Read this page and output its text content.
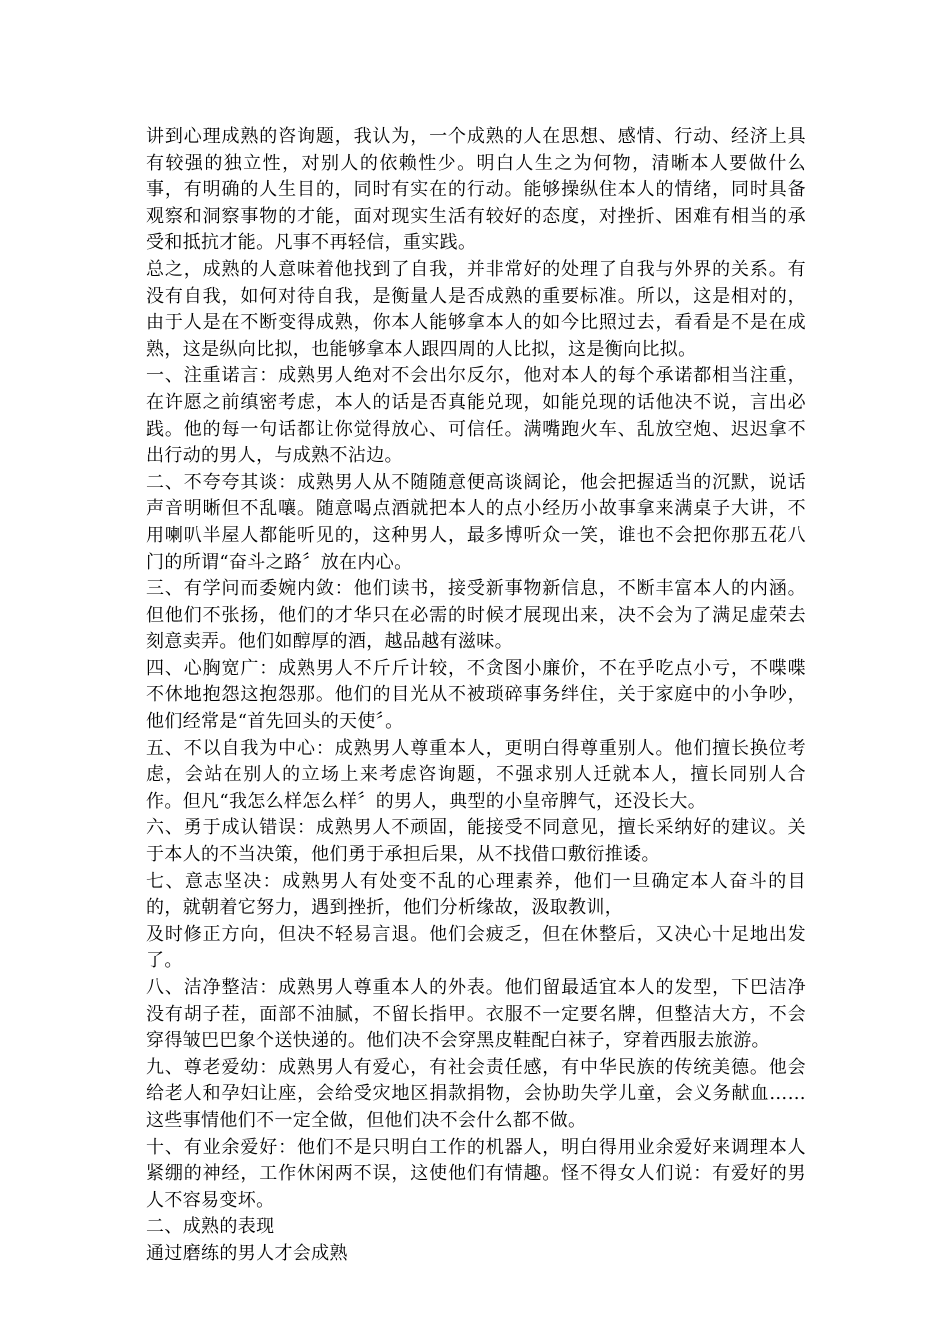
讲到心理成熟的咨询题，我认为，一个成熟的人在思想、感情、行动、经济上具有较强的独立性，对别人的依赖性少。明白人生之为何物，清晰本人要做什么事，有明确的人生目的，同时有实在的行动。能够操纵住本人的情绪，同时具备观察和洞察事物的才能，面对现实生活有较好的态度，对挫折、困难有相当的承受和抵抗才能。凡事不再轻信，重实践。

总之，成熟的人意味着他找到了自我，并非常好的处理了自我与外界的关系。有没有自我，如何对待自我，是衡量人是否成熟的重要标准。所以，这是相对的，由于人是在不断变得成熟，你本人能够拿本人的如今比照过去，看看是不是在成熟，这是纵向比拟，也能够拿本人跟四周的人比拟，这是衡向比拟。

一、注重诺言：成熟男人绝对不会出尔反尔，他对本人的每个承诺都相当注重，在许愿之前缜密考虑，本人的话是否真能兑现，如能兑现的话他决不说，言出必践。他的每一句话都让你觉得放心、可信任。满嘴跑火车、乱放空炮、迟迟拿不出行动的男人，与成熟不沾边。

二、不夸夸其谈：成熟男人从不随随意便高谈阔论，他会把握适当的沉默，说话声音明晰但不乱嚷。随意喝点酒就把本人的点小经历小故事拿来满桌子大讲，不用喇叭半屋人都能听见的，这种男人，最多博听众一笑，谁也不会把你那五花八门的所谓“奋斗之路〞放在内心。

三、有学问而委婉内敛：他们读书，接受新事物新信息，不断丰富本人的内涵。但他们不张扬，他们的才华只在必需的时候才展现出来，决不会为了满足虚荣去刻意卖弄。他们如醇厚的酒，越品越有滋味。

四、心胸宽广：成熟男人不斤斤计较，不贪图小廉价，不在乎吃点小亏，不喋喋不休地抱怨这抱怨那。他们的目光从不被琐碎事务绊住，关于家庭中的小争吵，他们经常是“首先回头的天使〞。

五、不以自我为中心：成熟男人尊重本人，更明白得尊重别人。他们擅长换位考虑，会站在别人的立场上来考虑咨询题，不强求别人迁就本人，擅长同别人合作。但凡“我怎么样怎么样〞的男人，典型的小皇帝脾气，还没长大。

六、勇于成认错误：成熟男人不顽固，能接受不同意见，擅长采纳好的建议。关于本人的不当决策，他们勇于承担后果，从不找借口敷衍推诿。

七、意志坚决：成熟男人有处变不乱的心理素养，他们一旦确定本人奋斗的目的，就朝着它努力，遇到挫折，他们分析缘故，汲取教训，

及时修正方向，但决不轻易言退。他们会疲乏，但在休整后，又决心十足地出发了。

八、洁净整洁：成熟男人尊重本人的外表。他们留最适宜本人的发型，下巴洁净没有胡子茬，面部不油腻，不留长指甲。衣服不一定要名牌，但整洁大方，不会穿得皱巴巴象个送快递的。他们决不会穿黑皮鞋配白袜子，穿着西服去旅游。

九、尊老爱幼：成熟男人有爱心，有社会责任感，有中华民族的传统美德。他会给老人和孕妇让座，会给受灾地区捐款捐物，会协助失学儿童，会义务献血……这些事情他们不一定全做，但他们决不会什么都不做。

十、有业余爱好：他们不是只明白工作的机器人，明白得用业余爱好来调理本人紧绷的神经，工作休闲两不误，这使他们有情趣。怪不得女人们说：有爱好的男人不容易变坏。

二、成熟的表现

通过磨练的男人才会成熟
